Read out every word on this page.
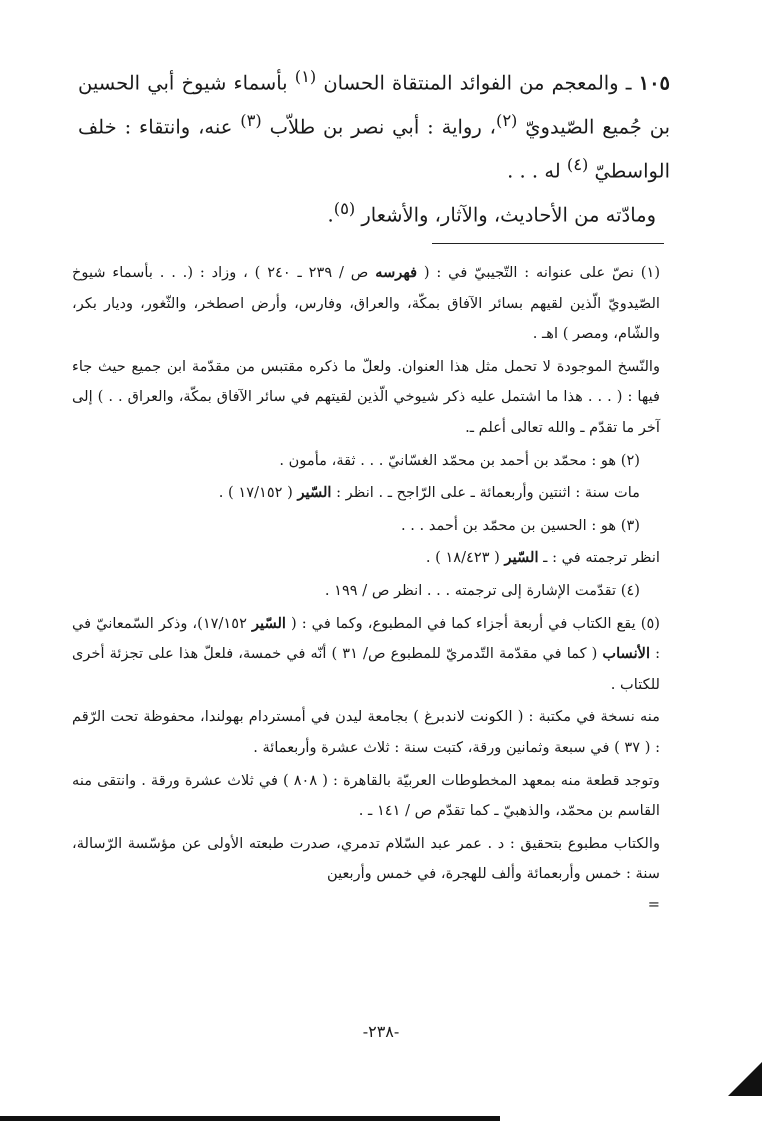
١٠٥ ـ والمعجم من الفوائد المنتقاة الحسان $^{(١)}$ بأسماء شيوخ أبي الحسين بن جُميع الصّيدويّ $^{(٢)}$، رواية : أبي نصر بن طلاّب $^{(٣)}$ عنه، وانتقاء : خلف الواسطيّ $^{(٤)}$ له . . .

ومادّته من الأحاديث، والآثار، والأشعار $^{(٥)}$.

(١) نصّ على عنوانه : التّجيبيّ في : ( فهرسه ص / ٢٣٩ ـ ٢٤٠ ) ، وزاد : (. . . بأسماء شيوخ الصّيدويّ الّذين لقيهم بسائر الآفاق بمكّة، والعراق، وفارس، وأرض اصطخر، والثّغور، وديار بكر، والشّام، ومصر ) اهـ .

والنّسخ الموجودة لا تحمل مثل هذا العنوان. ولعلّ ما ذكره مقتبس من مقدّمة ابن جميع حيث جاء فيها : ( . . . هذا ما اشتمل عليه ذكر شيوخي الّذين لقيتهم في سائر الآفاق بمكّة، والعراق . . ) إلى آخر ما تقدّم ـ والله تعالى أعلم ـ.

(٢) هو : محمّد بن أحمد بن محمّد الغسّانيّ . . . ثقة، مأمون .

مات سنة : اثنتين وأربعمائة ـ على الرّاجح ـ . انظر : السّير ( ١٧/١٥٢ ) .

(٣) هو : الحسين بن محمّد بن أحمد . . .

انظر ترجمته في : ـ السّير ( ١٨/٤٢٣ ) .

(٤) تقدّمت الإشارة إلى ترجمته . . . انظر ص / ١٩٩ .

(٥) يقع الكتاب في أربعة أجزاء كما في المطبوع، وكما في : ( السّير ١٧/١٥٢)، وذكر السّمعانيّ في : الأنساب ( كما في مقدّمة التّدمريّ للمطبوع ص/ ٣١ ) أنّه في خمسة، فلعلّ هذا على تجزئة أخرى للكتاب .

منه نسخة في مكتبة : ( الكونت لاندبرغ ) بجامعة ليدن في أمستردام بهولندا، محفوظة تحت الرّقم : ( ٣٧ ) في سبعة وثمانين ورقة، كتبت سنة : ثلاث عشرة وأربعمائة .

وتوجد قطعة منه بمعهد المخطوطات العربيّة بالقاهرة : ( ٨٠٨ ) في ثلاث عشرة ورقة . وانتقى منه القاسم بن محمّد، والذهبيّ ـ كما تقدّم ص / ١٤١ ـ .

والكتاب مطبوع بتحقيق : د . عمر عبد السّلام تدمري، صدرت طبعته الأولى عن مؤسّسة الرّسالة، سنة : خمس وأربعمائة وألف للهجرة، في خمس وأربعين
=

-٢٣٨-
